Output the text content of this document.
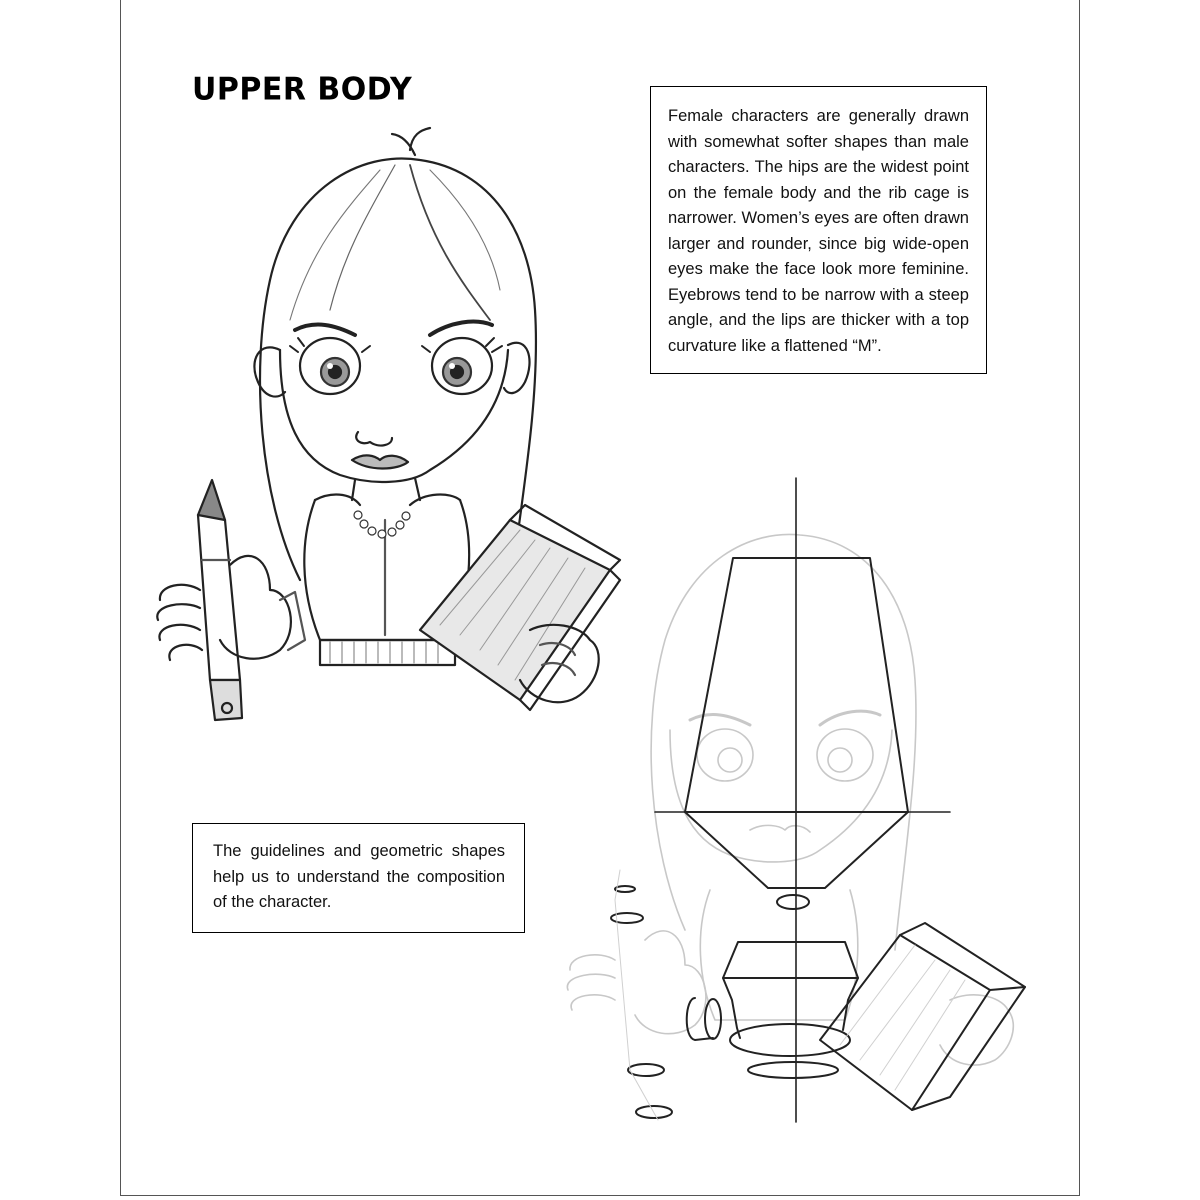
UPPER BODY
Female characters are generally drawn with somewhat softer shapes than male characters. The hips are the widest point on the female body and the rib cage is narrower. Women’s eyes are often drawn larger and rounder, since big wide-open eyes make the face look more feminine. Eyebrows tend to be narrow with a steep angle, and the lips are thicker with a top curvature like a flattened “M”.
The guidelines and geometric shapes help us to understand the composition of the character.
